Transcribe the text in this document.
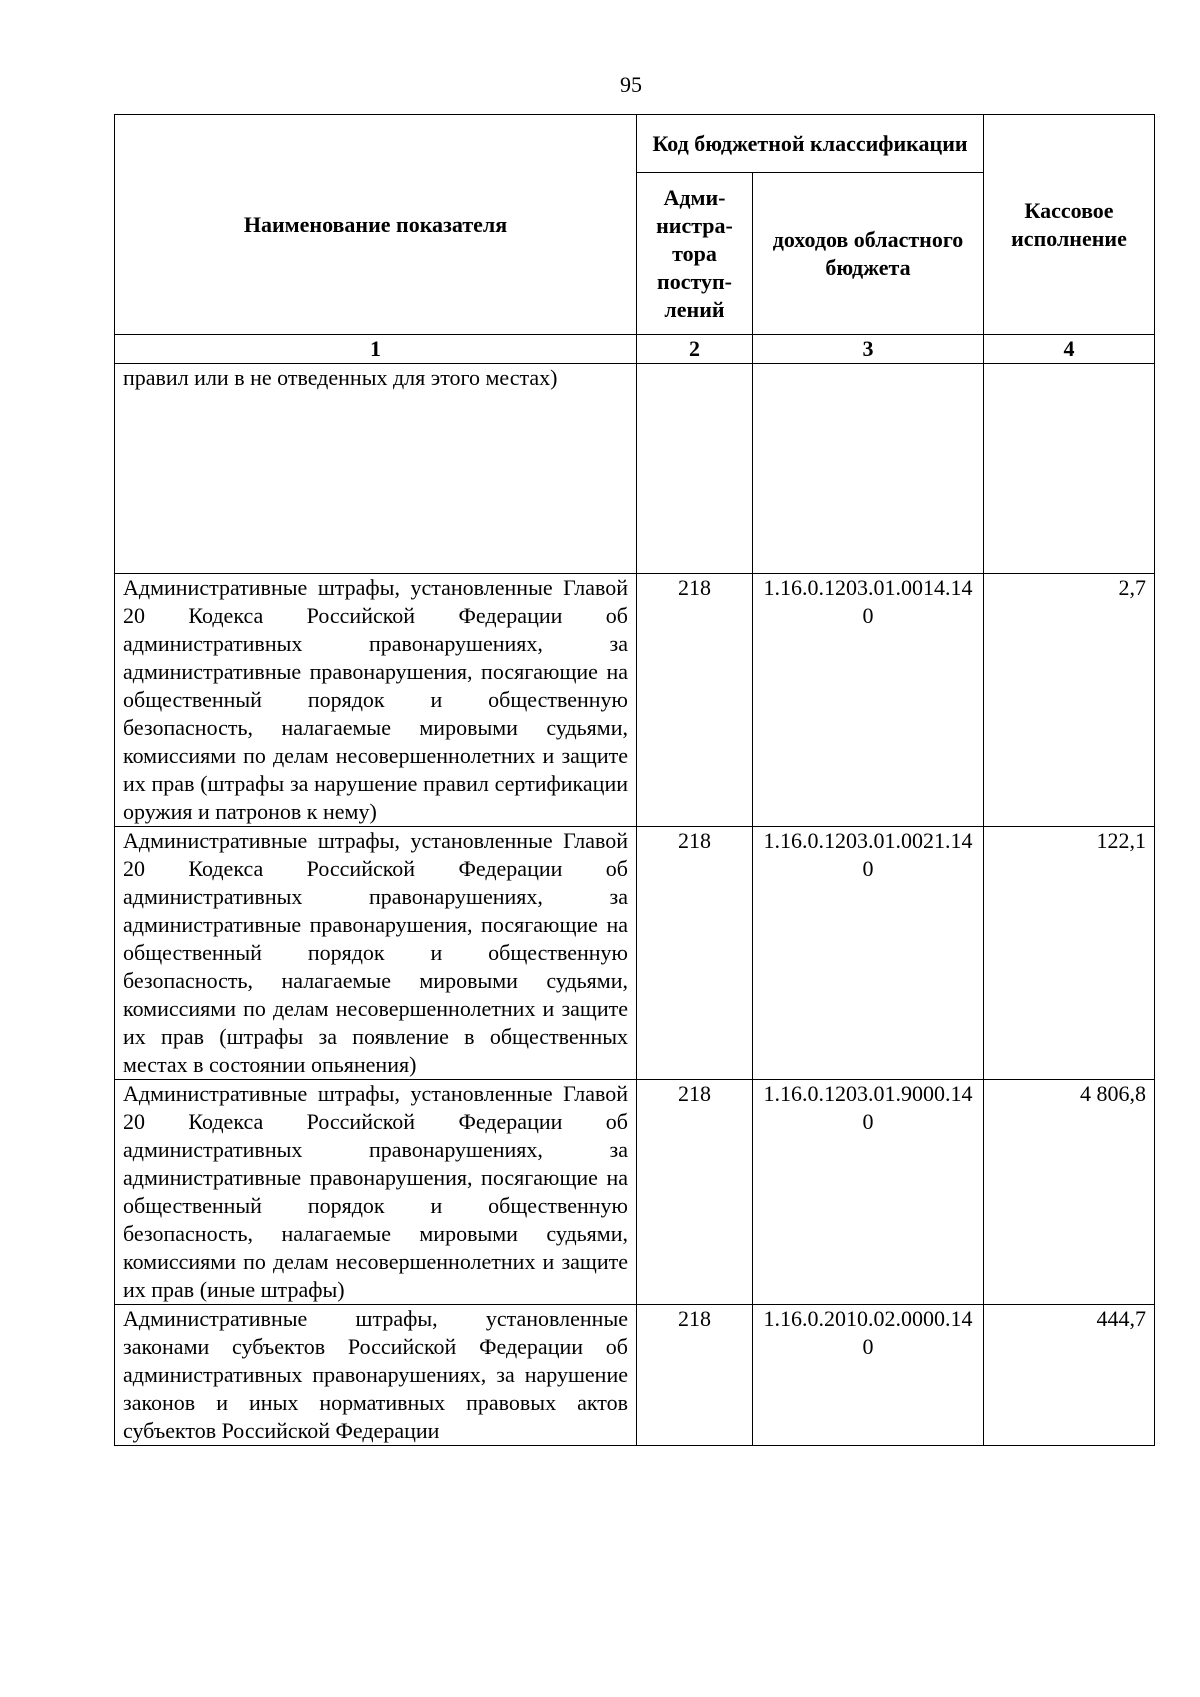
95
Наименование показателя	Код бюджетной классификации		Кассовое исполнение
	Адми-нистра-тора поступ-лений	доходов областного бюджета	
1	2	3	4
правил или в не отведенных для этого местах)			
Административные штрафы, установленные Главой 20 Кодекса Российской Федерации об административных правонарушениях, за административные правонарушения, посягающие на общественный порядок и общественную безопасность, налагаемые мировыми судьями, комиссиями по делам несовершеннолетних и защите их прав (штрафы за нарушение правил сертификации оружия и патронов к нему)	218	1.16.0.1203.01.0014.140	2,7
Административные штрафы, установленные Главой 20 Кодекса Российской Федерации об административных правонарушениях, за административные правонарушения, посягающие на общественный порядок и общественную безопасность, налагаемые мировыми судьями, комиссиями по делам несовершеннолетних и защите их прав (штрафы за появление в общественных местах в состоянии опьянения)	218	1.16.0.1203.01.0021.140	122,1
Административные штрафы, установленные Главой 20 Кодекса Российской Федерации об административных правонарушениях, за административные правонарушения, посягающие на общественный порядок и общественную безопасность, налагаемые мировыми судьями, комиссиями по делам несовершеннолетних и защите их прав (иные штрафы)	218	1.16.0.1203.01.9000.140	4 806,8
Административные штрафы, установленные законами субъектов Российской Федерации об административных правонарушениях, за нарушение законов и иных нормативных правовых актов субъектов Российской Федерации	218	1.16.0.2010.02.0000.140	444,7
